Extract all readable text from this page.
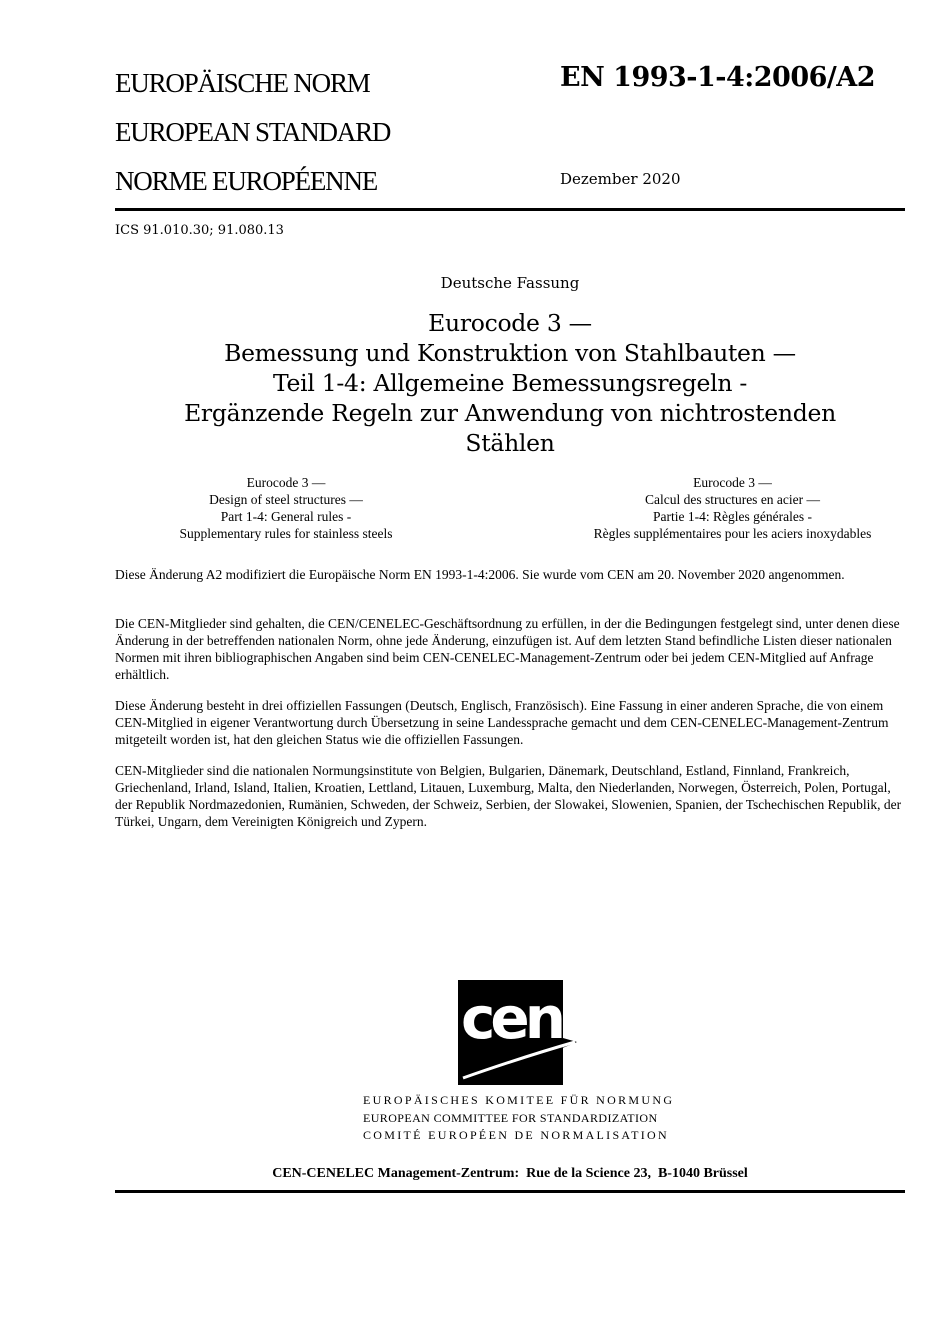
EUROPÄISCHE NORM
EUROPEAN STANDARD
NORME EUROPÉENNE
EN 1993-1-4:2006/A2
Dezember 2020
ICS 91.010.30; 91.080.13
Deutsche Fassung
Eurocode 3 —
Bemessung und Konstruktion von Stahlbauten —
Teil 1-4: Allgemeine Bemessungsregeln -
Ergänzende Regeln zur Anwendung von nichtrostenden
Stählen
Eurocode 3 —
Design of steel structures —
Part 1-4: General rules -
Supplementary rules for stainless steels
Eurocode 3 —
Calcul des structures en acier —
Partie 1-4: Règles générales -
Règles supplémentaires pour les aciers inoxydables
Diese Änderung A2 modifiziert die Europäische Norm EN 1993-1-4:2006. Sie wurde vom CEN am 20. November 2020 angenommen.
Die CEN-Mitglieder sind gehalten, die CEN/CENELEC-Geschäftsordnung zu erfüllen, in der die Bedingungen festgelegt sind, unter denen diese Änderung in der betreffenden nationalen Norm, ohne jede Änderung, einzufügen ist. Auf dem letzten Stand befindliche Listen dieser nationalen Normen mit ihren bibliographischen Angaben sind beim CEN-CENELEC-Management-Zentrum oder bei jedem CEN-Mitglied auf Anfrage erhältlich.
Diese Änderung besteht in drei offiziellen Fassungen (Deutsch, Englisch, Französisch). Eine Fassung in einer anderen Sprache, die von einem CEN-Mitglied in eigener Verantwortung durch Übersetzung in seine Landessprache gemacht und dem CEN-CENELEC-Management-Zentrum mitgeteilt worden ist, hat den gleichen Status wie die offiziellen Fassungen.
CEN-Mitglieder sind die nationalen Normungsinstitute von Belgien, Bulgarien, Dänemark, Deutschland, Estland, Finnland, Frankreich, Griechenland, Irland, Island, Italien, Kroatien, Lettland, Litauen, Luxemburg, Malta, den Niederlanden, Norwegen, Österreich, Polen, Portugal, der Republik Nordmazedonien, Rumänien, Schweden, der Schweiz, Serbien, der Slowakei, Slowenien, Spanien, der Tschechischen Republik, der Türkei, Ungarn, dem Vereinigten Königreich und Zypern.
cen
EUROPÄISCHES KOMITEE FÜR NORMUNG
EUROPEAN COMMITTEE FOR STANDARDIZATION
COMITÉ EUROPÉEN DE NORMALISATION
CEN-CENELEC Management-Zentrum:  Rue de la Science 23,  B-1040 Brüssel
